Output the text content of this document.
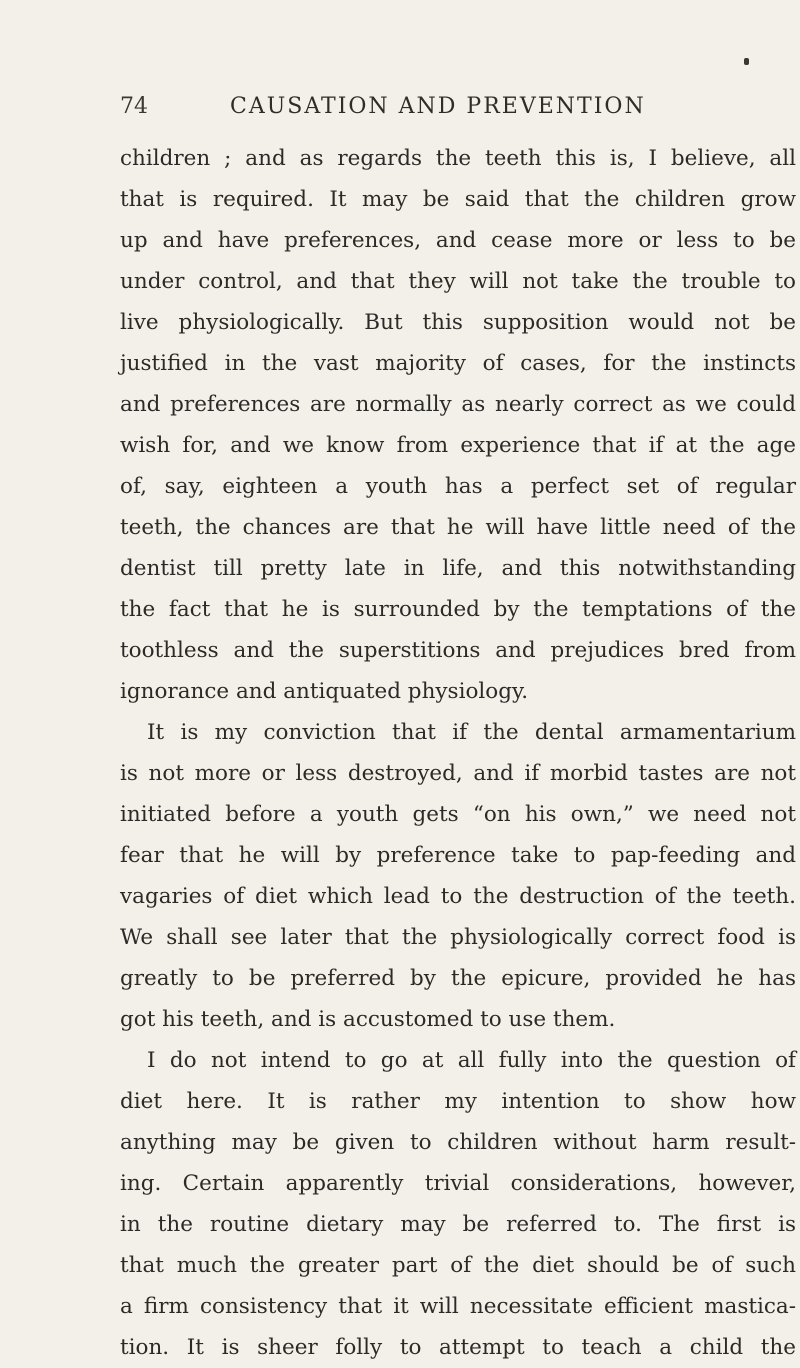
74	CAUSATION AND PREVENTION
children ; and as regards the teeth this is, I believe, all
that is required. It may be said that the children grow
up and have preferences, and cease more or less to be
under control, and that they will not take the trouble to
live physiologically. But this supposition would not be
justified in the vast majority of cases, for the instincts
and preferences are normally as nearly correct as we could
wish for, and we know from experience that if at the age
of, say, eighteen a youth has a perfect set of regular
teeth, the chances are that he will have little need of the
dentist till pretty late in life, and this notwithstanding
the fact that he is surrounded by the temptations of the
toothless and the superstitions and prejudices bred from
ignorance and antiquated physiology.
It is my conviction that if the dental armamentarium
is not more or less destroyed, and if morbid tastes are not
initiated before a youth gets “on his own,” we need not
fear that he will by preference take to pap-feeding and
vagaries of diet which lead to the destruction of the teeth.
We shall see later that the physiologically correct food is
greatly to be preferred by the epicure, provided he has
got his teeth, and is accustomed to use them.
I do not intend to go at all fully into the question of
diet here. It is rather my intention to show how
anything may be given to children without harm result-
ing. Certain apparently trivial considerations, however,
in the routine dietary may be referred to. The first is
that much the greater part of the diet should be of such
a firm consistency that it will necessitate efficient mastica-
tion. It is sheer folly to attempt to teach a child the
